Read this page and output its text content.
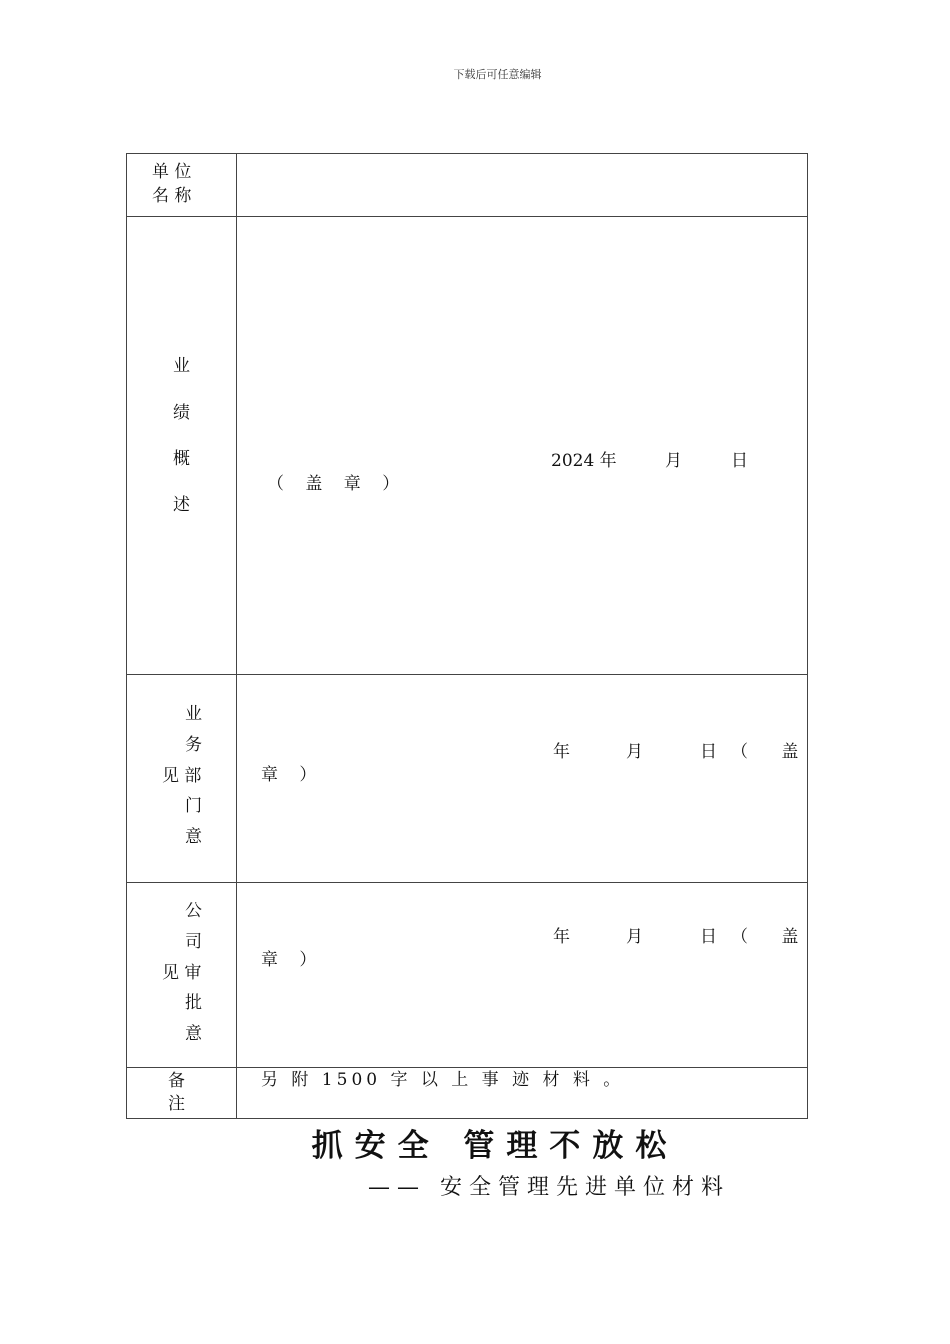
下载后可任意编辑
单 位
名 称	

业
绩
概
述	2024 年 月 日
（ 盖 章 ）

业
务
见 部
门
意	年 月 日（ 盖
章 ）

公
司
见 审
批
意	年 月 日（ 盖
章 ）

备
注	另 附 1500 字 以 上 事 迹 材 料 。
抓安全 管理不放松
—— 安全管理先进单位材料
